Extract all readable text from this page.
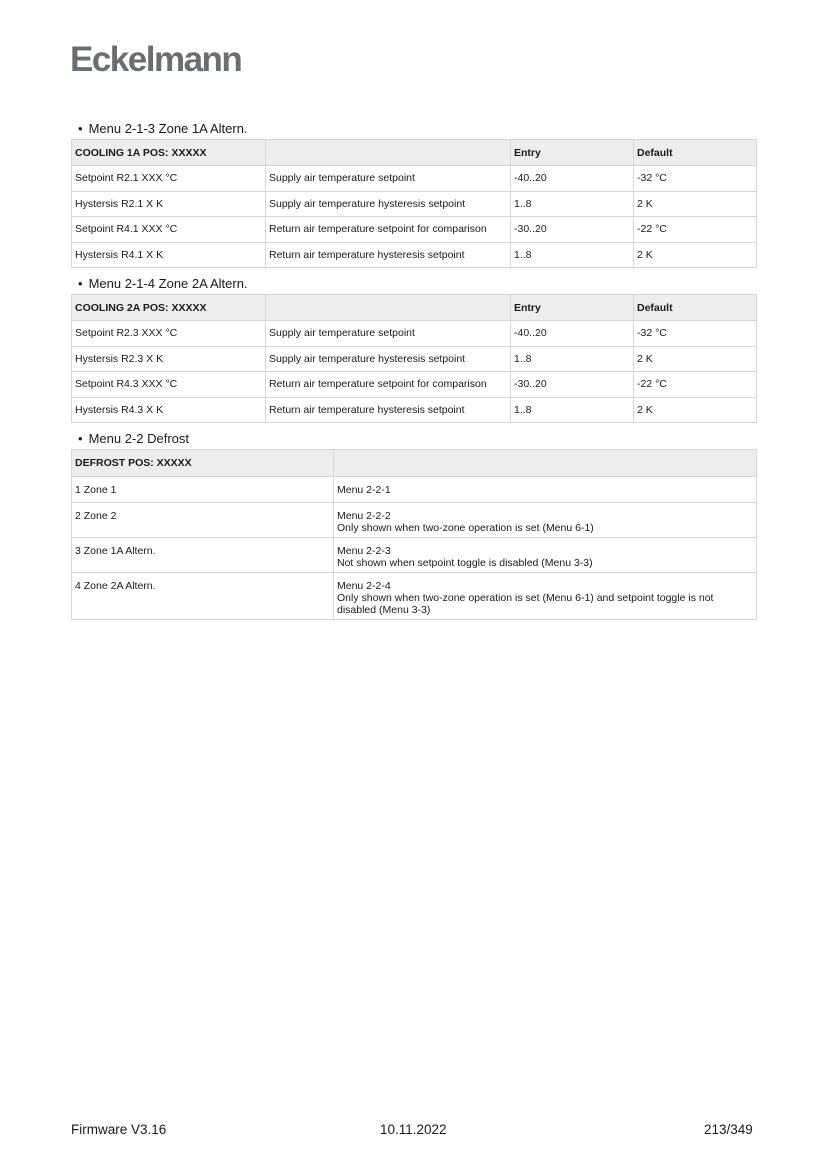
Eckelmann
• Menu 2-1-3 Zone 1A Altern.
COOLING 1A POS: XXXXX		Entry	Default
Setpoint R2.1 XXX °C	Supply air temperature setpoint	-40..20	-32 °C
Hystersis R2.1 X K	Supply air temperature hysteresis setpoint	1..8	2 K
Setpoint R4.1 XXX °C	Return air temperature setpoint for comparison	-30..20	-22 °C
Hystersis R4.1 X K	Return air temperature hysteresis setpoint	1..8	2 K
• Menu 2-1-4 Zone 2A Altern.
COOLING 2A POS: XXXXX		Entry	Default
Setpoint R2.3 XXX °C	Supply air temperature setpoint	-40..20	-32 °C
Hystersis R2.3 X K	Supply air temperature hysteresis setpoint	1..8	2 K
Setpoint R4.3 XXX °C	Return air temperature setpoint for comparison	-30..20	-22 °C
Hystersis R4.3 X K	Return air temperature hysteresis setpoint	1..8	2 K
• Menu 2-2 Defrost
DEFROST POS: XXXXX	
1 Zone 1	Menu 2-2-1

2 Zone 2	Menu 2-2-2
Only shown when two-zone operation is set (Menu 6-1)

3 Zone 1A Altern.	Menu 2-2-3
Not shown when setpoint toggle is disabled (Menu 3-3)

4 Zone 2A Altern.	Menu 2-2-4
Only shown when two-zone operation is set (Menu 6-1) and setpoint toggle is not disabled (Menu 3-3)
Firmware V3.16	10.11.2022	213/349
